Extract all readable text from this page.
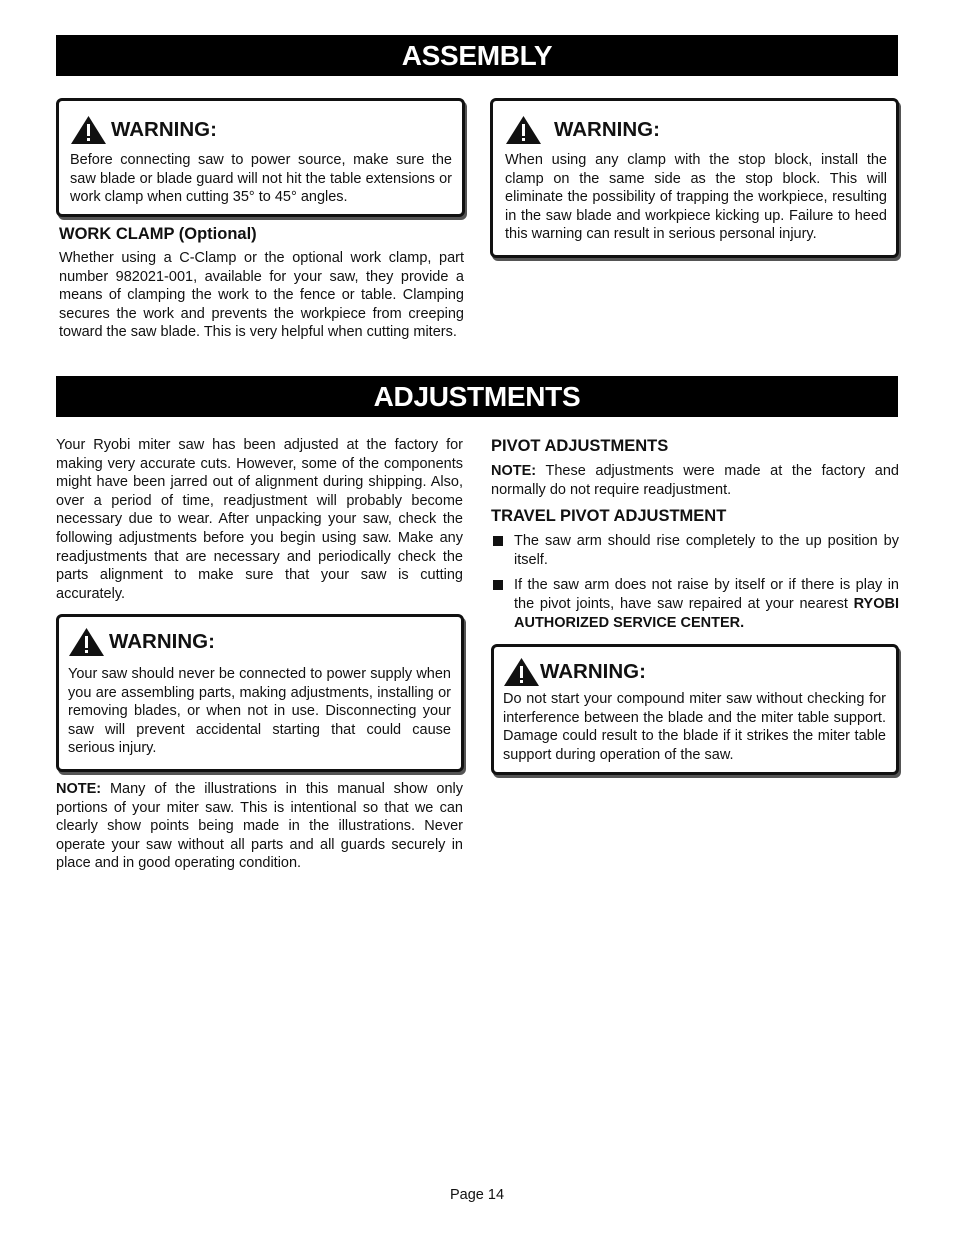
ASSEMBLY
WARNING:

Before connecting saw to power source, make sure the saw blade or blade guard will not hit the table extensions or work clamp when cutting 35° to 45° angles.

WORK CLAMP (Optional)

Whether using a C-Clamp or the optional work clamp, part number 982021-001, available for your saw, they provide a means of clamping the work to the fence or table. Clamping secures the work and prevents the workpiece from creeping toward the saw blade. This is very helpful when cutting miters.

WARNING:

When using any clamp with the stop block, install the clamp on the same side as the stop block. This will eliminate the possibility of trapping the workpiece, resulting in the saw blade and workpiece kicking up. Failure to heed this warning can result in serious personal injury.

ADJUSTMENTS

Your Ryobi miter saw has been adjusted at the factory for making very accurate cuts. However, some of the components might have been jarred out of alignment during shipping. Also, over a period of time, readjustment will probably become necessary due to wear. After unpacking your saw, check the following adjustments before you begin using saw. Make any readjustments that are necessary and periodically check the parts alignment to make sure that your saw is cutting accurately.

WARNING:

Your saw should never be connected to power supply when you are assembling parts, making adjustments, installing or removing blades, or when not in use. Disconnecting your saw will prevent accidental starting that could cause serious injury.

NOTE: Many of the illustrations in this manual show only portions of your miter saw. This is intentional so that we can clearly show points being made in the illustrations. Never operate your saw without all parts and all guards securely in place and in good operating condition.

PIVOT ADJUSTMENTS

NOTE: These adjustments were made at the factory and normally do not require readjustment.

TRAVEL PIVOT ADJUSTMENT

The saw arm should rise completely to the up position by itself.

If the saw arm does not raise by itself or if there is play in the pivot joints, have saw repaired at your nearest RYOBI AUTHORIZED SERVICE CENTER.

WARNING:

Do not start your compound miter saw without checking for interference between the blade and the miter table support. Damage could result to the blade if it strikes the miter table support during operation of the saw.

Page 14
